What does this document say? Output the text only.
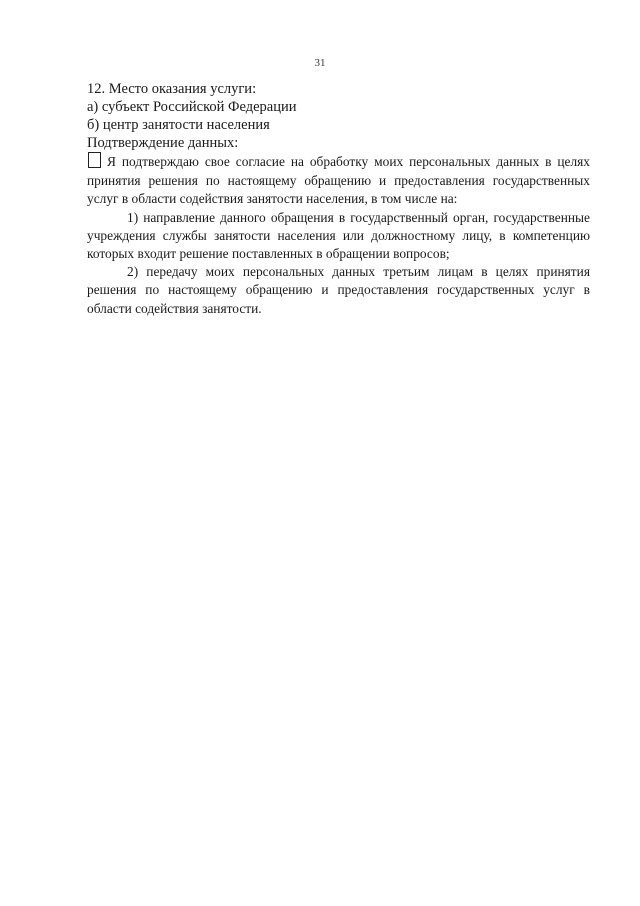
31

12. Место оказания услуги:

а) субъект Российской Федерации

б) центр занятости населения

Подтверждение данных:

Я подтверждаю свое согласие на обработку моих персональных данных в целях принятия решения по настоящему обращению и предоставления государственных услуг в области содействия занятости населения, в том числе на:

1) направление данного обращения в государственный орган, государственные учреждения службы занятости населения или должностному лицу, в компетенцию которых входит решение поставленных в обращении вопросов;

2) передачу моих персональных данных третьим лицам в целях принятия решения по настоящему обращению и предоставления государственных услуг в области содействия занятости.
